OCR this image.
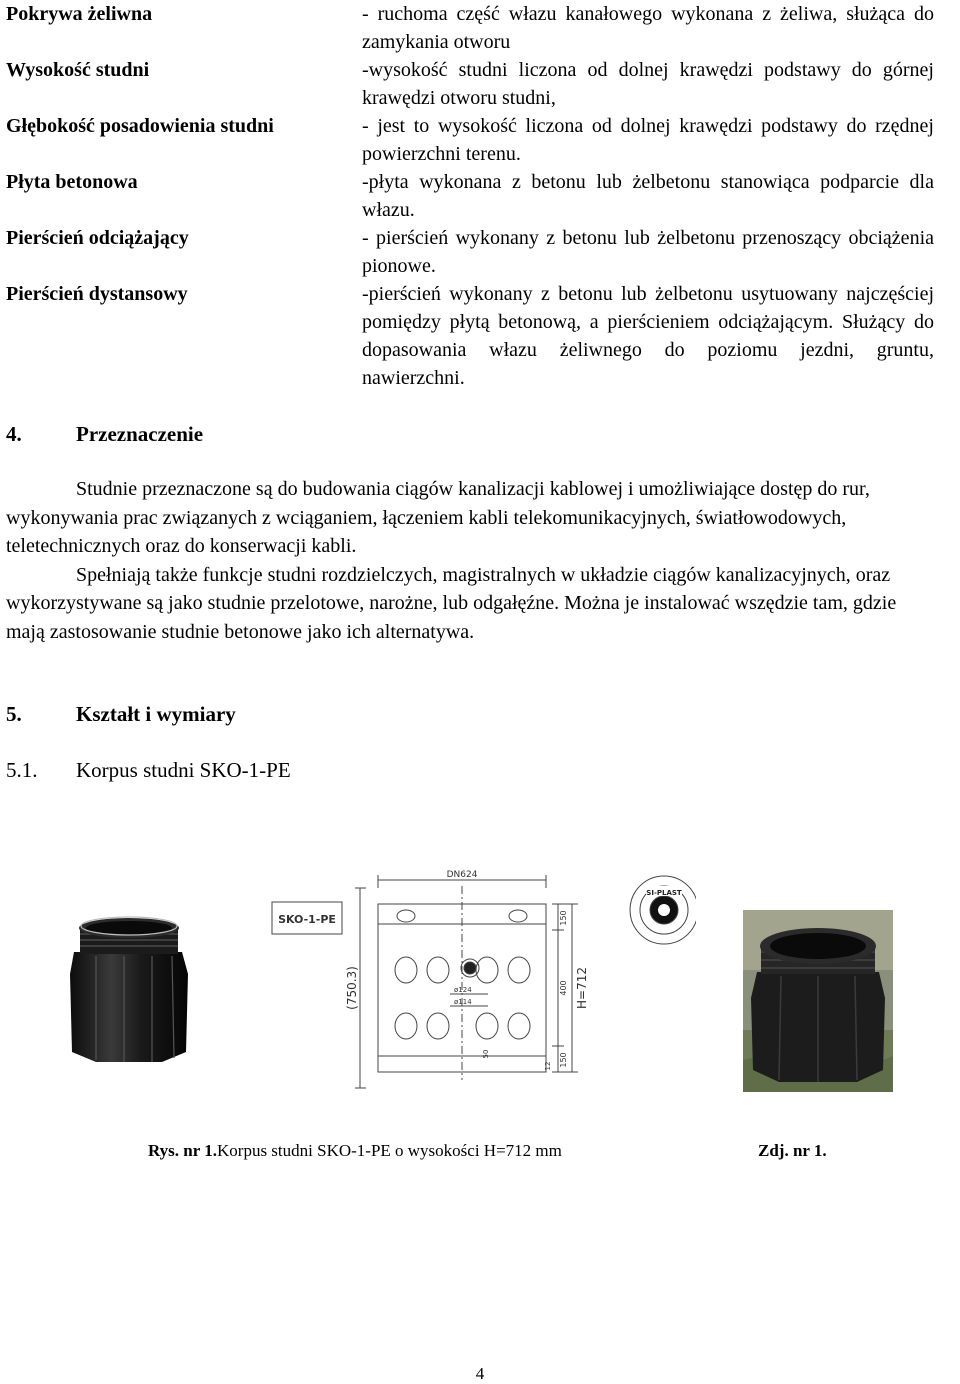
Pokrywa żeliwna	- ruchoma część włazu kanałowego wykonana z żeliwa, służąca do zamykania otworu
Wysokość studni	-wysokość studni liczona od dolnej krawędzi podstawy do górnej krawędzi otworu studni,
Głębokość posadowienia studni	- jest to wysokość liczona od dolnej krawędzi podstawy do rzędnej powierzchni terenu.
Płyta betonowa	-płyta wykonana z betonu lub żelbetonu stanowiąca podparcie dla włazu.
Pierścień odciążający	- pierścień wykonany z betonu lub żelbetonu przenoszący obciążenia pionowe.
Pierścień dystansowy	-pierścień wykonany z betonu lub żelbetonu usytuowany najczęściej pomiędzy płytą betonową, a pierścieniem odciążającym. Służący do dopasowania włazu żeliwnego do poziomu jezdni, gruntu, nawierzchni.
4.	Przeznaczenie

Studnie przeznaczone są do budowania ciągów kanalizacji kablowej i umożliwiające dostęp do rur, wykonywania prac związanych z wciąganiem, łączeniem kabli telekomunikacyjnych, światłowodowych, teletechnicznych oraz do konserwacji kabli.

Spełniają także funkcje studni rozdzielczych, magistralnych w układzie ciągów kanalizacyjnych, oraz wykorzystywane są jako studnie przelotowe, narożne, lub odgałęźne. Można je instalować wszędzie tam, gdzie mają zastosowanie studnie betonowe jako ich alternatywa.

5.	Kształt i wymiary
5.1. Korpus studni SKO-1-PE
DN624
SKO-1-PE
SI-PLAST
(750.3)	H=712
150
400
150
12
50
ø124
ø114
Rys. nr 1.Korpus studni SKO-1-PE o wysokości H=712 mm	Zdj. nr 1.
4
